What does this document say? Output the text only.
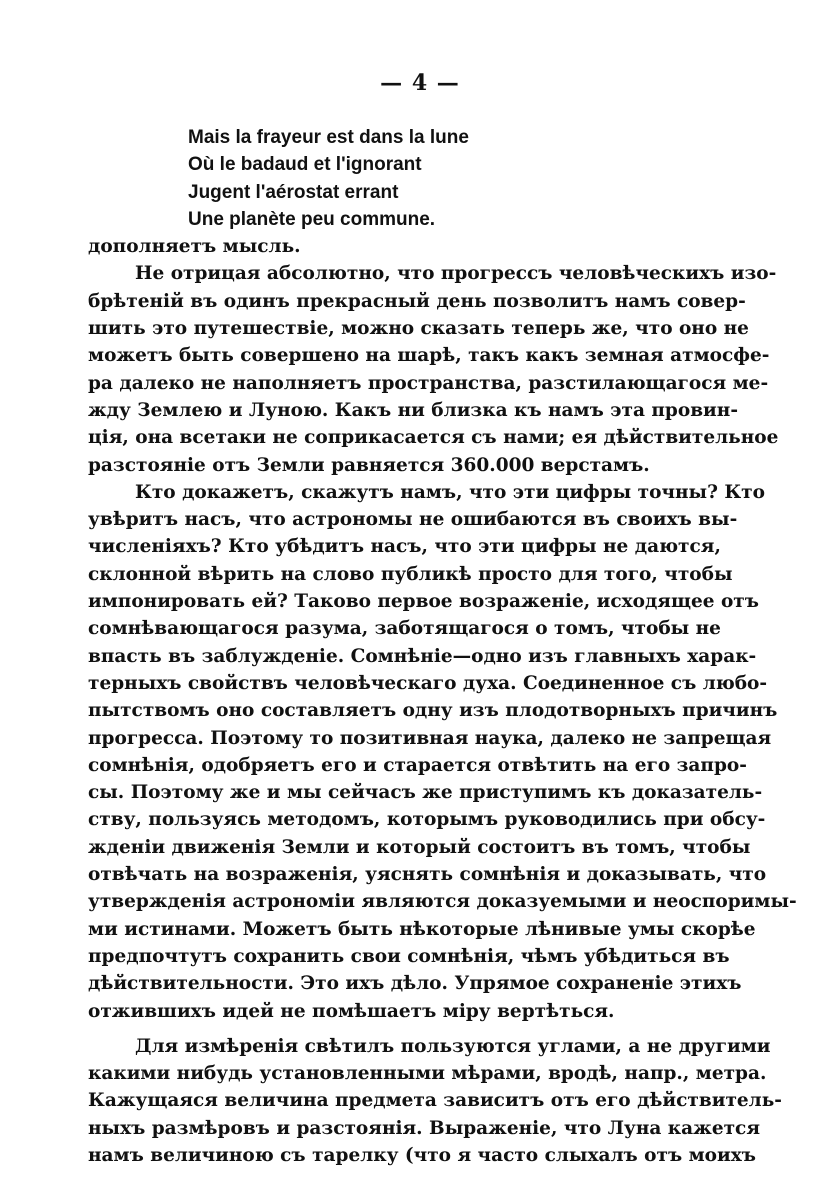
— 4 —
Mais la frayeur est dans la lune
Où le badaud et l'ignorant
Jugent l'aérostat errant
Une planète peu commune.
дополняетъ мысль.
Не отрицая абсолютно, что прогрессъ человѣческихъ изо-
брѣтенiй въ одинъ прекрасный день позволитъ намъ совер-
шить это путешествiе, можно сказать теперь же, что оно не
можетъ быть совершено на шарѣ, такъ какъ земная атмосфе-
ра далеко не наполняетъ пространства, разстилающагося ме-
жду Землею и Луною. Какъ ни близка къ намъ эта провин-
цiя, она всетаки не соприкасается съ нами; ея дѣйствительное
разстоянiе отъ Земли равняется 360.000 верстамъ.
Кто докажетъ, скажутъ намъ, что эти цифры точны? Кто
увѣритъ насъ, что астрономы не ошибаются въ своихъ вы-
численiяхъ? Кто убѣдитъ насъ, что эти цифры не даются,
склонной вѣрить на слово публикѣ просто для того, чтобы
импонировать ей? Таково первое возраженiе, исходящее отъ
сомнѣвающагося разума, заботящагося о томъ, чтобы не
впасть въ заблужденiе. Сомнѣнiе—одно изъ главныхъ харак-
терныхъ свойствъ человѣческаго духа. Соединенное съ любо-
пытствомъ оно составляетъ одну изъ плодотворныхъ причинъ
прогресса. Поэтому то позитивная наука, далеко не запрещая
сомнѣнiя, одобряетъ его и старается отвѣтить на его запро-
сы. Поэтому же и мы сейчасъ же приступимъ къ доказатель-
ству, пользуясь методомъ, которымъ руководились при обсу-
жденiи движенiя Земли и который состоитъ въ томъ, чтобы
отвѣчать на возраженiя, уяснять сомнѣнiя и доказывать, что
утвержденiя астрономiи являются доказуемыми и неоспоримы-
ми истинами. Можетъ быть нѣкоторые лѣнивые умы скорѣе
предпочтутъ сохранить свои сомнѣнiя, чѣмъ убѣдиться въ
дѣйствительности. Это ихъ дѣло. Упрямое сохраненiе этихъ
отжившихъ идей не помѣшаетъ мiру вертѣться.
Для измѣренiя свѣтилъ пользуются углами, а не другими
какими нибудь установленными мѣрами, вродѣ, напр., метра.
Кажущаяся величина предмета зависитъ отъ его дѣйствитель-
ныхъ размѣровъ и разстоянiя. Выраженiе, что Луна кажется
намъ величиною съ тарелку (что я часто слыхалъ отъ моихъ
